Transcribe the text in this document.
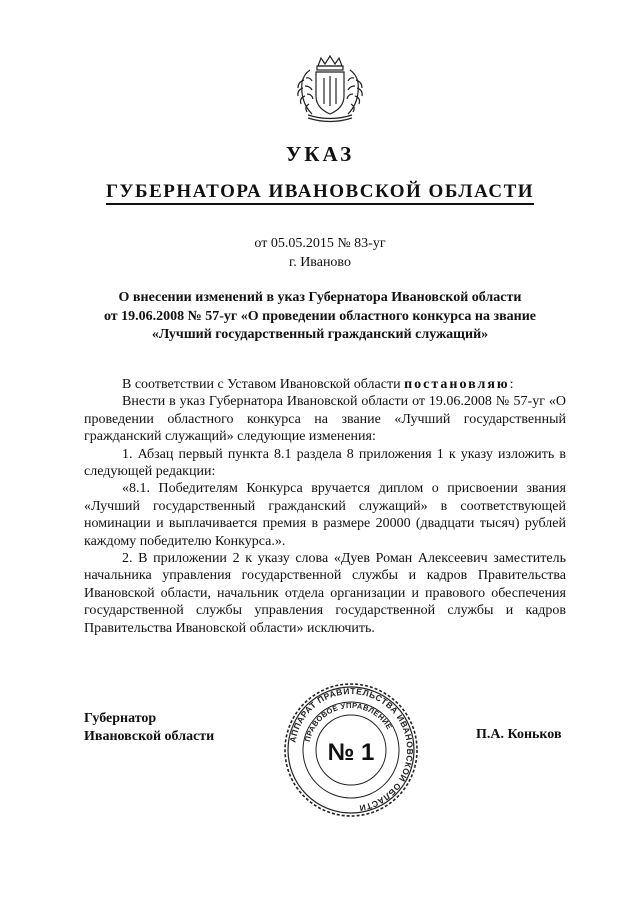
УКАЗ
ГУБЕРНАТОРА ИВАНОВСКОЙ ОБЛАСТИ
от 05.05.2015 № 83-уг
г. Иваново
О внесении изменений в указ Губернатора Ивановской области
от 19.06.2008 № 57-уг «О проведении областного конкурса на звание
«Лучший государственный гражданский служащий»

В соответствии с Уставом Ивановской области постановляю:

Внести в указ Губернатора Ивановской области от 19.06.2008 № 57-уг «О проведении областного конкурса на звание «Лучший государственный гражданский служащий» следующие изменения:

1. Абзац первый пункта 8.1 раздела 8 приложения 1 к указу изложить в следующей редакции:

«8.1. Победителям Конкурса вручается диплом о присвоении звания «Лучший государственный гражданский служащий» в соответствующей номинации и выплачивается премия в размере 20000 (двадцати тысяч) рублей каждому победителю Конкурса.».

2. В приложении 2 к указу слова «Дуев Роман Алексеевич заместитель начальника управления государственной службы и кадров Правительства Ивановской области, начальник отдела организации и правового обеспечения государственной службы управления государственной службы и кадров Правительства Ивановской области» исключить.

Губернатор
Ивановской области	АППАРАТ ПРАВИТЕЛЬСТВА ИВАНОВСКОЙ ОБЛАСТИ
ПРАВОВОЕ УПРАВЛЕНИЕ
№ 1
П.А. Коньков
